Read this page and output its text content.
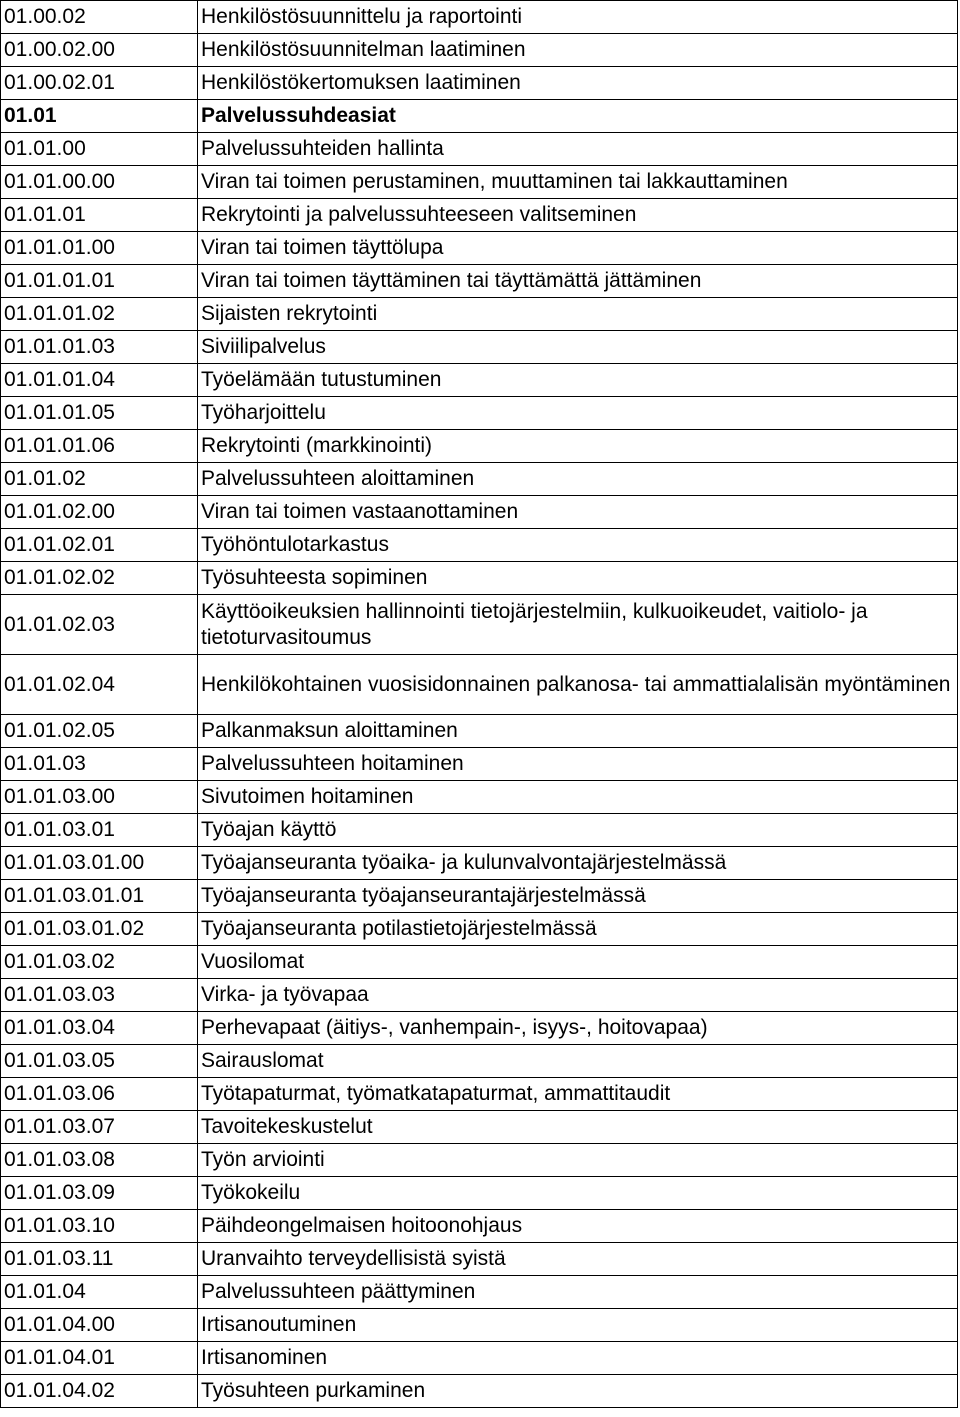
01.00.02	Henkilöstösuunnittelu ja raportointi
01.00.02.00	Henkilöstösuunnitelman laatiminen
01.00.02.01	Henkilöstökertomuksen laatiminen
01.01	Palvelussuhdeasiat
01.01.00	Palvelussuhteiden hallinta
01.01.00.00	Viran tai toimen perustaminen, muuttaminen tai lakkauttaminen
01.01.01	Rekrytointi ja palvelussuhteeseen valitseminen
01.01.01.00	Viran tai toimen täyttölupa
01.01.01.01	Viran tai toimen täyttäminen tai täyttämättä jättäminen
01.01.01.02	Sijaisten rekrytointi
01.01.01.03	Siviilipalvelus
01.01.01.04	Työelämään tutustuminen
01.01.01.05	Työharjoittelu
01.01.01.06	Rekrytointi (markkinointi)
01.01.02	Palvelussuhteen aloittaminen
01.01.02.00	Viran tai toimen vastaanottaminen
01.01.02.01	Työhöntulotarkastus
01.01.02.02	Työsuhteesta sopiminen
01.01.02.03	Käyttöoikeuksien hallinnointi tietojärjestelmiin, kulkuoikeudet, vaitiolo- ja tietoturvasitoumus
01.01.02.04	Henkilökohtainen vuosisidonnainen palkanosa- tai ammattialalisän myöntäminen
01.01.02.05	Palkanmaksun aloittaminen
01.01.03	Palvelussuhteen hoitaminen
01.01.03.00	Sivutoimen hoitaminen
01.01.03.01	Työajan käyttö
01.01.03.01.00	Työajanseuranta työaika- ja kulunvalvontajärjestelmässä
01.01.03.01.01	Työajanseuranta työajanseurantajärjestelmässä
01.01.03.01.02	Työajanseuranta potilastietojärjestelmässä
01.01.03.02	Vuosilomat
01.01.03.03	Virka- ja työvapaa
01.01.03.04	Perhevapaat (äitiys-, vanhempain-, isyys-, hoitovapaa)
01.01.03.05	Sairauslomat
01.01.03.06	Työtapaturmat, työmatkatapaturmat, ammattitaudit
01.01.03.07	Tavoitekeskustelut
01.01.03.08	Työn arviointi
01.01.03.09	Työkokeilu
01.01.03.10	Päihdeongelmaisen hoitoonohjaus
01.01.03.11	Uranvaihto terveydellisistä syistä
01.01.04	Palvelussuhteen päättyminen
01.01.04.00	Irtisanoutuminen
01.01.04.01	Irtisanominen
01.01.04.02	Työsuhteen purkaminen
